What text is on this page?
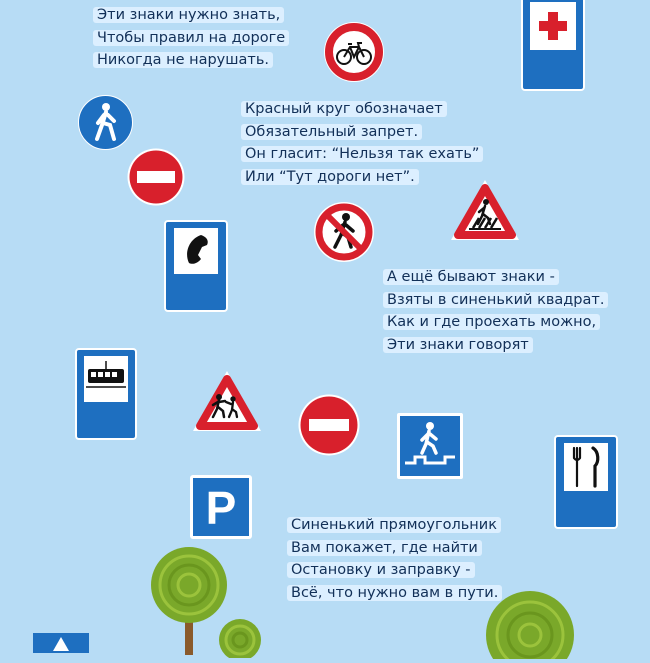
Эти знаки нужно знать,
Чтобы правил на дороге
Никогда не нарушать.
Красный круг обозначает
Обязательный запрет.
Он гласит: “Нельзя так ехать”
Или “Тут дороги нет”.
А ещё бывают знаки -
Взяты в синенький квадрат.
Как и где проехать можно,
Эти знаки говорят
Синенький прямоугольник
Вам покажет, где найти
Остановку и заправку -
Всё, что нужно вам в пути.
P
